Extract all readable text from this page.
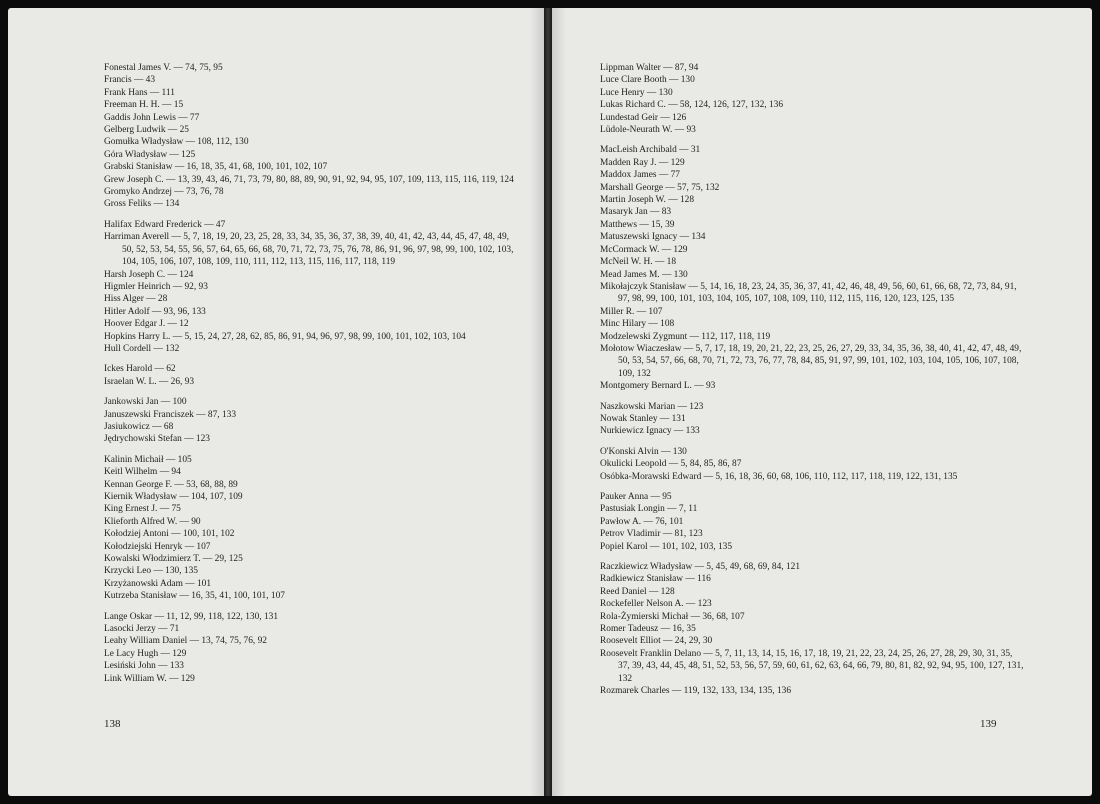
Fonestal James V. — 74, 75, 95
Francis — 43
Frank Hans — 111
Freeman H. H. — 15
Gaddis John Lewis — 77
Gelberg Ludwik — 25
Gomułka Władysław — 108, 112, 130
Góra Władysław — 125
Grabski Stanisław — 16, 18, 35, 41, 68, 100, 101, 102, 107
Grew Joseph C. — 13, 39, 43, 46, 71, 73, 79, 80, 88, 89, 90, 91, 92, 94, 95, 107, 109, 113, 115, 116, 119, 124
Gromyko Andrzej — 73, 76, 78
Gross Feliks — 134
Halifax Edward Frederick — 47
Harriman Averell — 5, 7, 18, 19, 20, 23, 25, 28, 33, 34, 35, 36, 37, 38, 39, 40, 41, 42, 43, 44, 45, 47, 48, 49, 50, 52, 53, 54, 55, 56, 57, 64, 65, 66, 68, 70, 71, 72, 73, 75, 76, 78, 86, 91, 96, 97, 98, 99, 100, 102, 103, 104, 105, 106, 107, 108, 109, 110, 111, 112, 113, 115, 116, 117, 118, 119
Harsh Joseph C. — 124
Higmler Heinrich — 92, 93
Hiss Alger — 28
Hitler Adolf — 93, 96, 133
Hoover Edgar J. — 12
Hopkins Harry L. — 5, 15, 24, 27, 28, 62, 85, 86, 91, 94, 96, 97, 98, 99, 100, 101, 102, 103, 104
Hull Cordell — 132
Ickes Harold — 62
Israelan W. L. — 26, 93
Jankowski Jan — 100
Januszewski Franciszek — 87, 133
Jasiukowicz — 68
Jędrychowski Stefan — 123
Kalinin Michaił — 105
Keitl Wilhelm — 94
Kennan George F. — 53, 68, 88, 89
Kiernik Władysław — 104, 107, 109
King Ernest J. — 75
Klieforth Alfred W. — 90
Kołodziej Antoni — 100, 101, 102
Kołodziejski Henryk — 107
Kowalski Włodzimierz T. — 29, 125
Krzycki Leo — 130, 135
Krzyżanowski Adam — 101
Kutrzeba Stanisław — 16, 35, 41, 100, 101, 107
Lange Oskar — 11, 12, 99, 118, 122, 130, 131
Lasocki Jerzy — 71
Leahy William Daniel — 13, 74, 75, 76, 92
Le Lacy Hugh — 129
Lesiński John — 133
Link William W. — 129
138
Lippman Walter — 87, 94
Luce Clare Booth — 130
Luce Henry — 130
Lukas Richard C. — 58, 124, 126, 127, 132, 136
Lundestad Geir — 126
Lüdole-Neurath W. — 93
MacLeish Archibald — 31
Madden Ray J. — 129
Maddox James — 77
Marshall George — 57, 75, 132
Martin Joseph W. — 128
Masaryk Jan — 83
Matthews — 15, 39
Matuszewski Ignacy — 134
McCormack W. — 129
McNeil W. H. — 18
Mead James M. — 130
Mikołajczyk Stanisław — 5, 14, 16, 18, 23, 24, 35, 36, 37, 41, 42, 46, 48, 49, 56, 60, 61, 66, 68, 72, 73, 84, 91, 97, 98, 99, 100, 101, 103, 104, 105, 107, 108, 109, 110, 112, 115, 116, 120, 123, 125, 135
Miller R. — 107
Minc Hilary — 108
Modzelewski Zygmunt — 112, 117, 118, 119
Mołotow Wiaczesław — 5, 7, 17, 18, 19, 20, 21, 22, 23, 25, 26, 27, 29, 33, 34, 35, 36, 38, 40, 41, 42, 47, 48, 49, 50, 53, 54, 57, 66, 68, 70, 71, 72, 73, 76, 77, 78, 84, 85, 91, 97, 99, 101, 102, 103, 104, 105, 106, 107, 108, 109, 132
Montgomery Bernard L. — 93
Naszkowski Marian — 123
Nowak Stanley — 131
Nurkiewicz Ignacy — 133
O'Konski Alvin — 130
Okulicki Leopold — 5, 84, 85, 86, 87
Osóbka-Morawski Edward — 5, 16, 18, 36, 60, 68, 106, 110, 112, 117, 118, 119, 122, 131, 135
Pauker Anna — 95
Pastusiak Longin — 7, 11
Pawłow A. — 76, 101
Petrov Vladimir — 81, 123
Popiel Karol — 101, 102, 103, 135
Raczkiewicz Władysław — 5, 45, 49, 68, 69, 84, 121
Radkiewicz Stanisław — 116
Reed Daniel — 128
Rockefeller Nelson A. — 123
Rola-Żymierski Michał — 36, 68, 107
Romer Tadeusz — 16, 35
Roosevelt Elliot — 24, 29, 30
Roosevelt Franklin Delano — 5, 7, 11, 13, 14, 15, 16, 17, 18, 19, 21, 22, 23, 24, 25, 26, 27, 28, 29, 30, 31, 35, 37, 39, 43, 44, 45, 48, 51, 52, 53, 56, 57, 59, 60, 61, 62, 63, 64, 66, 79, 80, 81, 82, 92, 94, 95, 100, 127, 131, 132
Rozmarek Charles — 119, 132, 133, 134, 135, 136
139
